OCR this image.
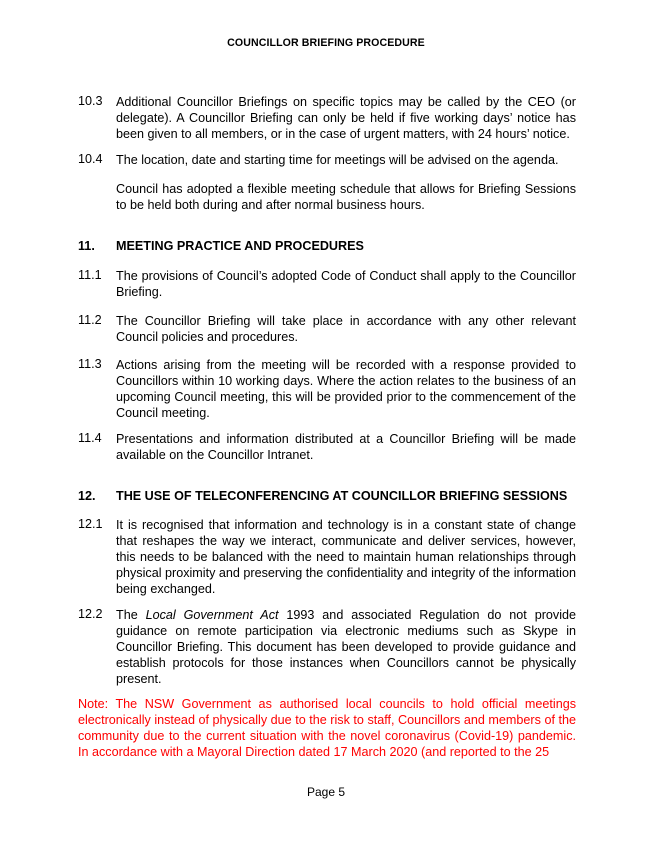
COUNCILLOR BRIEFING PROCEDURE
10.3 Additional Councillor Briefings on specific topics may be called by the CEO (or delegate). A Councillor Briefing can only be held if five working days’ notice has been given to all members, or in the case of urgent matters, with 24 hours’ notice.
10.4 The location, date and starting time for meetings will be advised on the agenda.
Council has adopted a flexible meeting schedule that allows for Briefing Sessions to be held both during and after normal business hours.
11. MEETING PRACTICE AND PROCEDURES
11.1 The provisions of Council’s adopted Code of Conduct shall apply to the Councillor Briefing.
11.2 The Councillor Briefing will take place in accordance with any other relevant Council policies and procedures.
11.3 Actions arising from the meeting will be recorded with a response provided to Councillors within 10 working days. Where the action relates to the business of an upcoming Council meeting, this will be provided prior to the commencement of the Council meeting.
11.4 Presentations and information distributed at a Councillor Briefing will be made available on the Councillor Intranet.
12. THE USE OF TELECONFERENCING AT COUNCILLOR BRIEFING SESSIONS
12.1 It is recognised that information and technology is in a constant state of change that reshapes the way we interact, communicate and deliver services, however, this needs to be balanced with the need to maintain human relationships through physical proximity and preserving the confidentiality and integrity of the information being exchanged.
12.2 The Local Government Act 1993 and associated Regulation do not provide guidance on remote participation via electronic mediums such as Skype in Councillor Briefing. This document has been developed to provide guidance and establish protocols for those instances when Councillors cannot be physically present.
Note: The NSW Government as authorised local councils to hold official meetings electronically instead of physically due to the risk to staff, Councillors and members of the community due to the current situation with the novel coronavirus (Covid-19) pandemic. In accordance with a Mayoral Direction dated 17 March 2020 (and reported to the 25
Page 5
